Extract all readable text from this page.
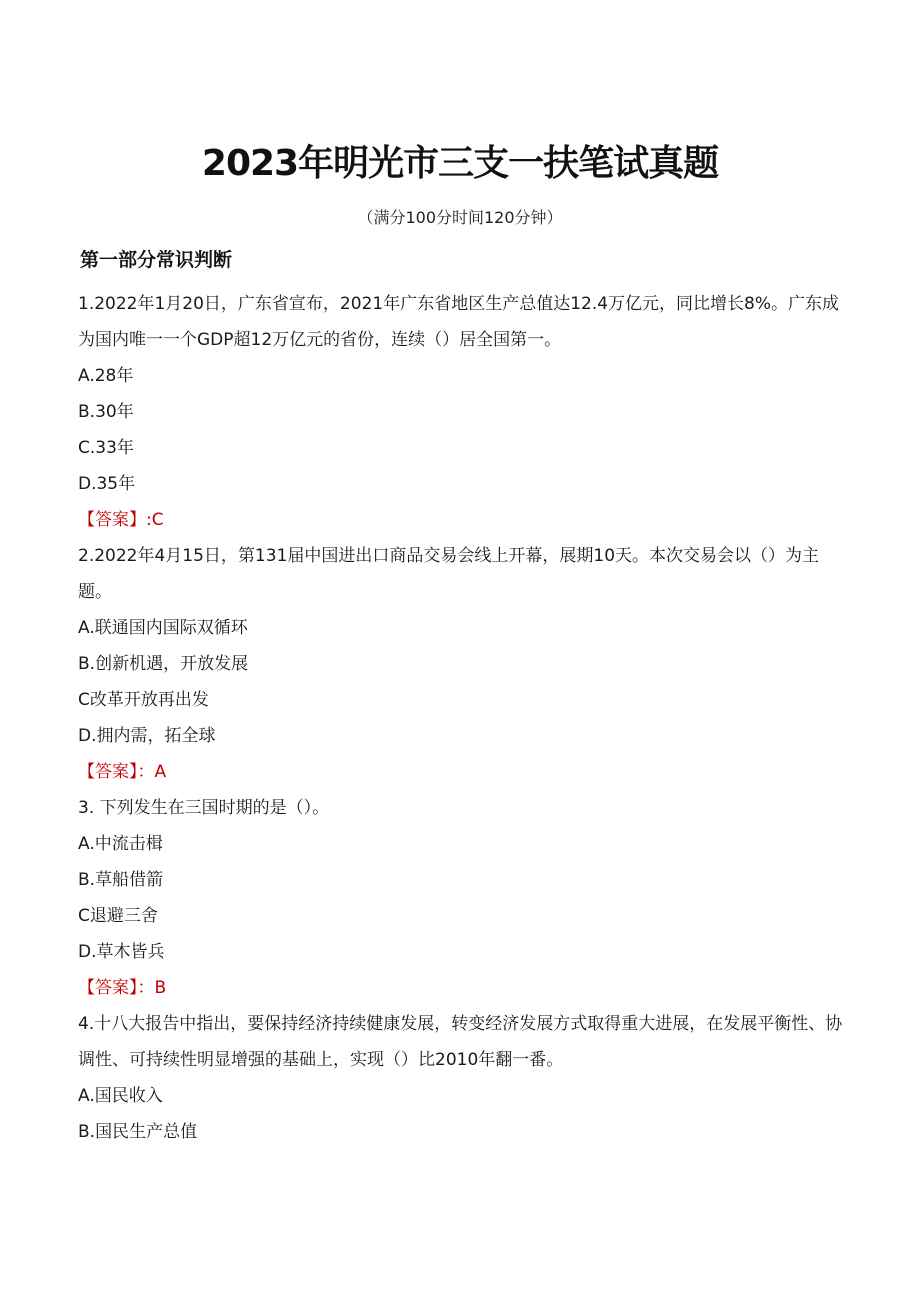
2023年明光市三支一扶笔试真题
（满分100分时间120分钟）
第一部分常识判断
1.2022年1月20日，广东省宣布，2021年广东省地区生产总值达12.4万亿元，同比增长8%。广东成为国内唯一一个GDP超12万亿元的省份，连续（）居全国第一。
A.28年
B.30年
C.33年
D.35年
【答案】:C
2.2022年4月15日，第131届中国进出口商品交易会线上开幕，展期10天。本次交易会以（）为主题。
A.联通国内国际双循环
B.创新机遇，开放发展
C改革开放再出发
D.拥内需，拓全球
【答案】：A
3. 下列发生在三国时期的是（）。
A.中流击楫
B.草船借箭
C退避三舍
D.草木皆兵
【答案】：B
4.十八大报告中指出，要保持经济持续健康发展，转变经济发展方式取得重大进展，在发展平衡性、协调性、可持续性明显增强的基础上，实现（）比2010年翻一番。
A.国民收入
B.国民生产总值
